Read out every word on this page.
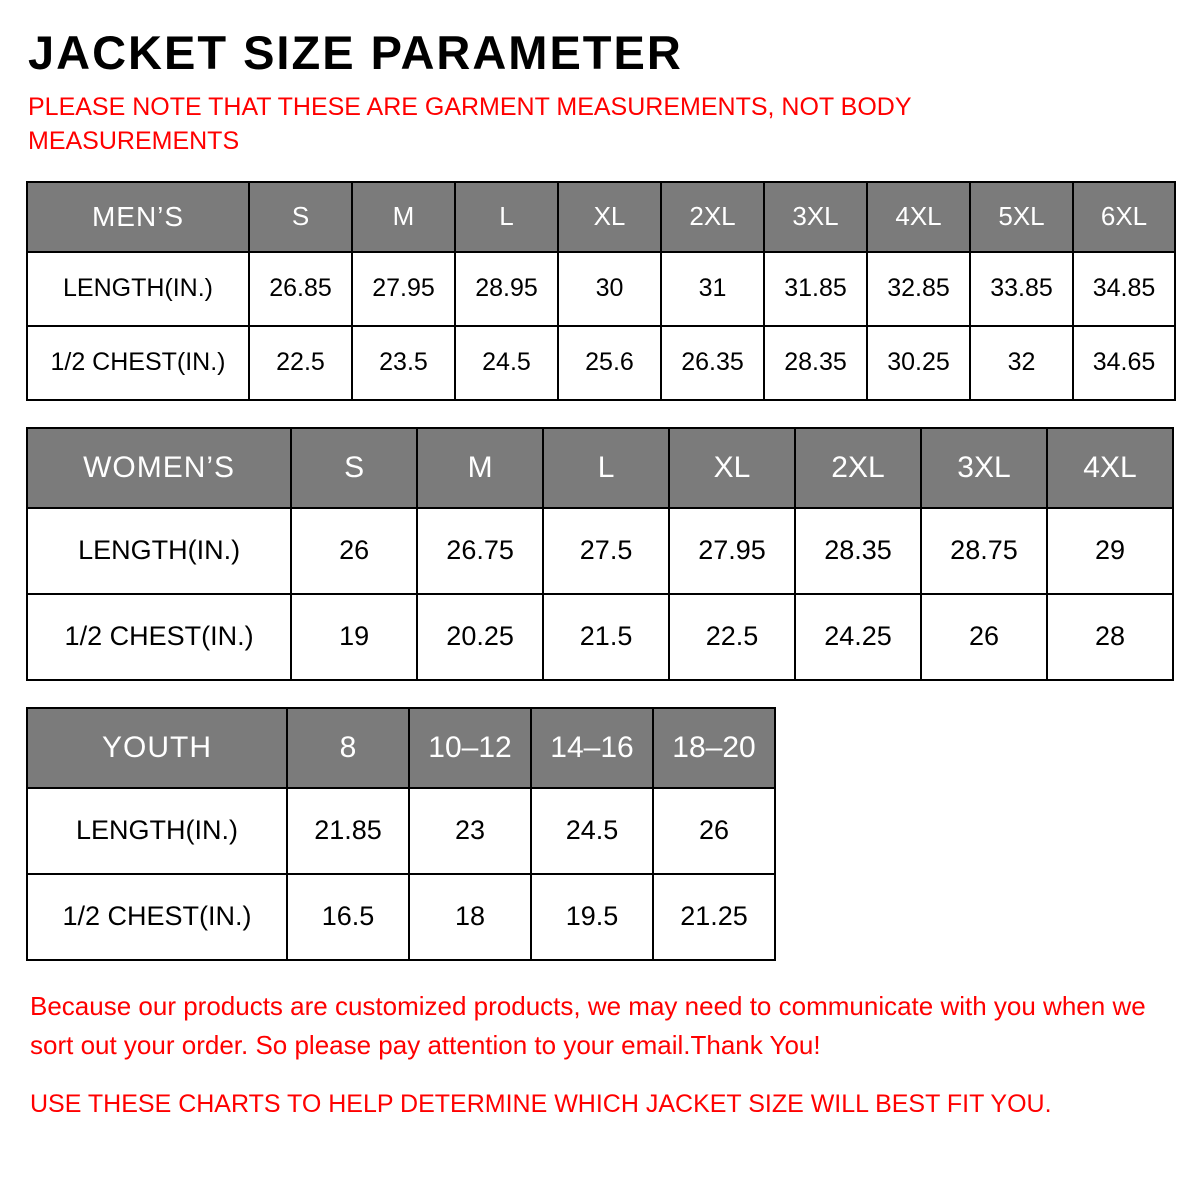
JACKET SIZE PARAMETER

PLEASE NOTE THAT THESE ARE GARMENT MEASUREMENTS, NOT BODY MEASUREMENTS

MEN’S	S	M	L	XL	2XL	3XL	4XL	5XL	6XL
LENGTH(IN.)	26.85	27.95	28.95	30	31	31.85	32.85	33.85	34.85
1/2 CHEST(IN.)	22.5	23.5	24.5	25.6	26.35	28.35	30.25	32	34.65
WOMEN’S	S	M	L	XL	2XL	3XL	4XL
LENGTH(IN.)	26	26.75	27.5	27.95	28.35	28.75	29
1/2 CHEST(IN.)	19	20.25	21.5	22.5	24.25	26	28
YOUTH	8	10–12	14–16	18–20
LENGTH(IN.)	21.85	23	24.5	26
1/2 CHEST(IN.)	16.5	18	19.5	21.25

Because our products are customized products, we may need to communicate with you when we sort out your order. So please pay attention to your email.Thank You!

USE THESE CHARTS TO HELP DETERMINE WHICH JACKET SIZE WILL BEST FIT YOU.
